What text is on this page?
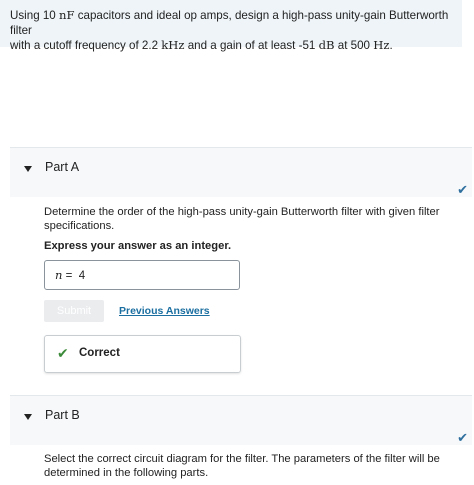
Using 10 nF capacitors and ideal op amps, design a high-pass unity-gain Butterworth filter
with a cutoff frequency of 2.2 kHz and a gain of at least -51 dB at 500 Hz.
Part A
✔
Determine the order of the high-pass unity-gain Butterworth filter with given filter specifications.
Express your answer as an integer.
n =  4
Submit	Previous Answers
✔ Correct
Part B
✔
Select the correct circuit diagram for the filter. The parameters of the filter will be determined in the following parts.
